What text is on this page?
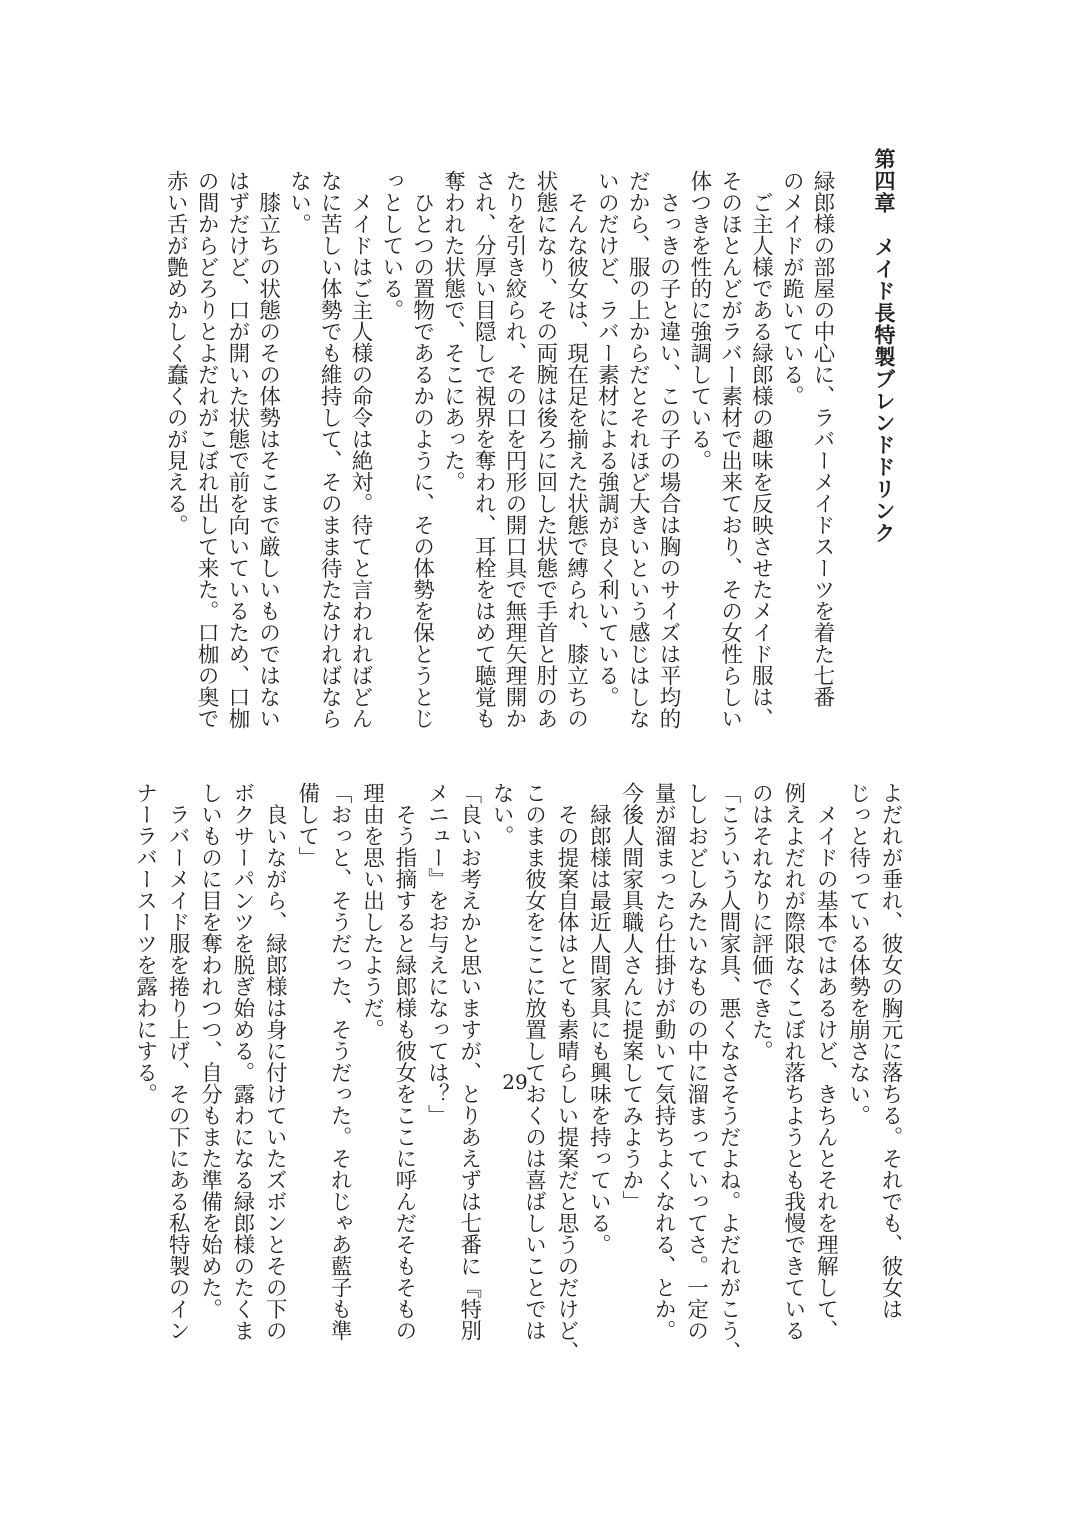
第四章　メイド長特製ブレンドドリンク
緑郎様の部屋の中心に、ラバーメイドスーツを着た七番
のメイドが跪いている。
　ご主人様である緑郎様の趣味を反映させたメイド服は、
そのほとんどがラバー素材で出来ており、その女性らしい
体つきを性的に強調している。
　さっきの子と違い、この子の場合は胸のサイズは平均的
だから、服の上からだとそれほど大きいという感じはしな
いのだけど、ラバー素材による強調が良く利いている。
　そんな彼女は、現在足を揃えた状態で縛られ、膝立ちの
状態になり、その両腕は後ろに回した状態で手首と肘のあ
たりを引き絞られ、その口を円形の開口具で無理矢理開か
され、分厚い目隠しで視界を奪われ、耳栓をはめて聴覚も
奪われた状態で、そこにあった。
　ひとつの置物であるかのように、その体勢を保とうとじ
っとしている。
　メイドはご主人様の命令は絶対。待てと言われればどん
なに苦しい体勢でも維持して、そのまま待たなければなら
ない。
　膝立ちの状態のその体勢はそこまで厳しいものではない
はずだけど、口が開いた状態で前を向いているため、口枷
の間からどろりとよだれがこぼれ出して来た。口枷の奥で
赤い舌が艶めかしく蠢くのが見える。
よだれが垂れ、彼女の胸元に落ちる。それでも、彼女は
じっと待っている体勢を崩さない。
　メイドの基本ではあるけど、きちんとそれを理解して、
例えよだれが際限なくこぼれ落ちようとも我慢できている
のはそれなりに評価できた。
「こういう人間家具、悪くなさそうだよね。よだれがこう、
ししおどしみたいなものの中に溜まっていってさ。一定の
量が溜まったら仕掛けが動いて気持ちよくなれる、とか。
今後人間家具職人さんに提案してみようか」
　緑郎様は最近人間家具にも興味を持っている。
　その提案自体はとても素晴らしい提案だと思うのだけど、
このまま彼女をここに放置しておくのは喜ばしいことでは
ない。
「良いお考えかと思いますが、とりあえずは七番に『特別
メニュー』をお与えになっては？」
　そう指摘すると緑郎様も彼女をここに呼んだそもそもの
理由を思い出したようだ。
「おっと、そうだった、そうだった。それじゃあ藍子も準
備して」
　良いながら、緑郎様は身に付けていたズボンとその下の
ボクサーパンツを脱ぎ始める。露わになる緑郎様のたくま
しいものに目を奪われつつ、自分もまた準備を始めた。
　ラバーメイド服を捲り上げ、その下にある私特製のイン
ナーラバースーツを露わにする。	29
